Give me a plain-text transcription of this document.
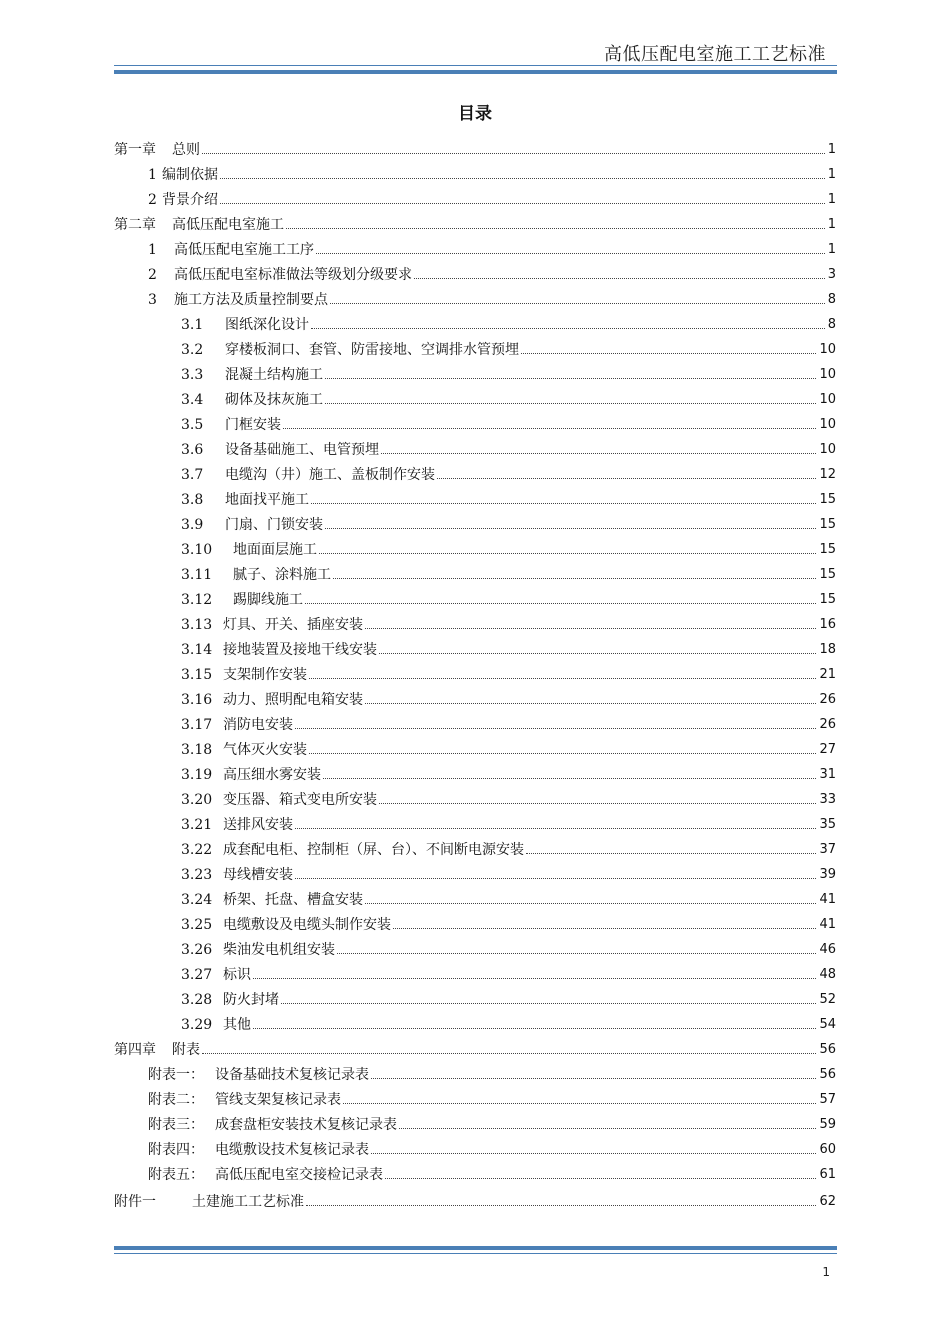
高低压配电室施工工艺标准
目录
第一章	总则	1
1 编制依据	1
2 背景介绍	1
第二章	高低压配电室施工	1
1	高低压配电室施工工序	1
2	高低压配电室标准做法等级划分级要求	3
3	施工方法及质量控制要点	8
3.1	图纸深化设计	8
3.2	穿楼板洞口、套管、防雷接地、空调排水管预埋	10
3.3	混凝土结构施工	10
3.4	砌体及抹灰施工	10
3.5	门框安装	10
3.6	设备基础施工、电管预埋	10
3.7	电缆沟（井）施工、盖板制作安装	12
3.8	地面找平施工	15
3.9	门扇、门锁安装	15
3.10	地面面层施工	15
3.11	腻子、涂料施工	15
3.12	踢脚线施工	15
3.13 灯具、开关、插座安装	16
3.14 接地装置及接地干线安装	18
3.15 支架制作安装	21
3.16 动力、照明配电箱安装	26
3.17 消防电安装	26
3.18 气体灭火安装	27
3.19 高压细水雾安装	31
3.20 变压器、箱式变电所安装	33
3.21 送排风安装	35
3.22 成套配电柜、控制柜（屏、台）、不间断电源安装	37
3.23 母线槽安装	39
3.24 桥架、托盘、槽盒安装	41
3.25 电缆敷设及电缆头制作安装	41
3.26 柴油发电机组安装	46
3.27 标识	48
3.28 防火封堵	52
3.29 其他	54
第四章	附表	56
附表一： 设备基础技术复核记录表	56
附表二： 管线支架复核记录表	57
附表三： 成套盘柜安装技术复核记录表	59
附表四： 电缆敷设技术复核记录表	60
附表五： 高低压配电室交接检记录表	61
附件一	土建施工工艺标准	62
1
